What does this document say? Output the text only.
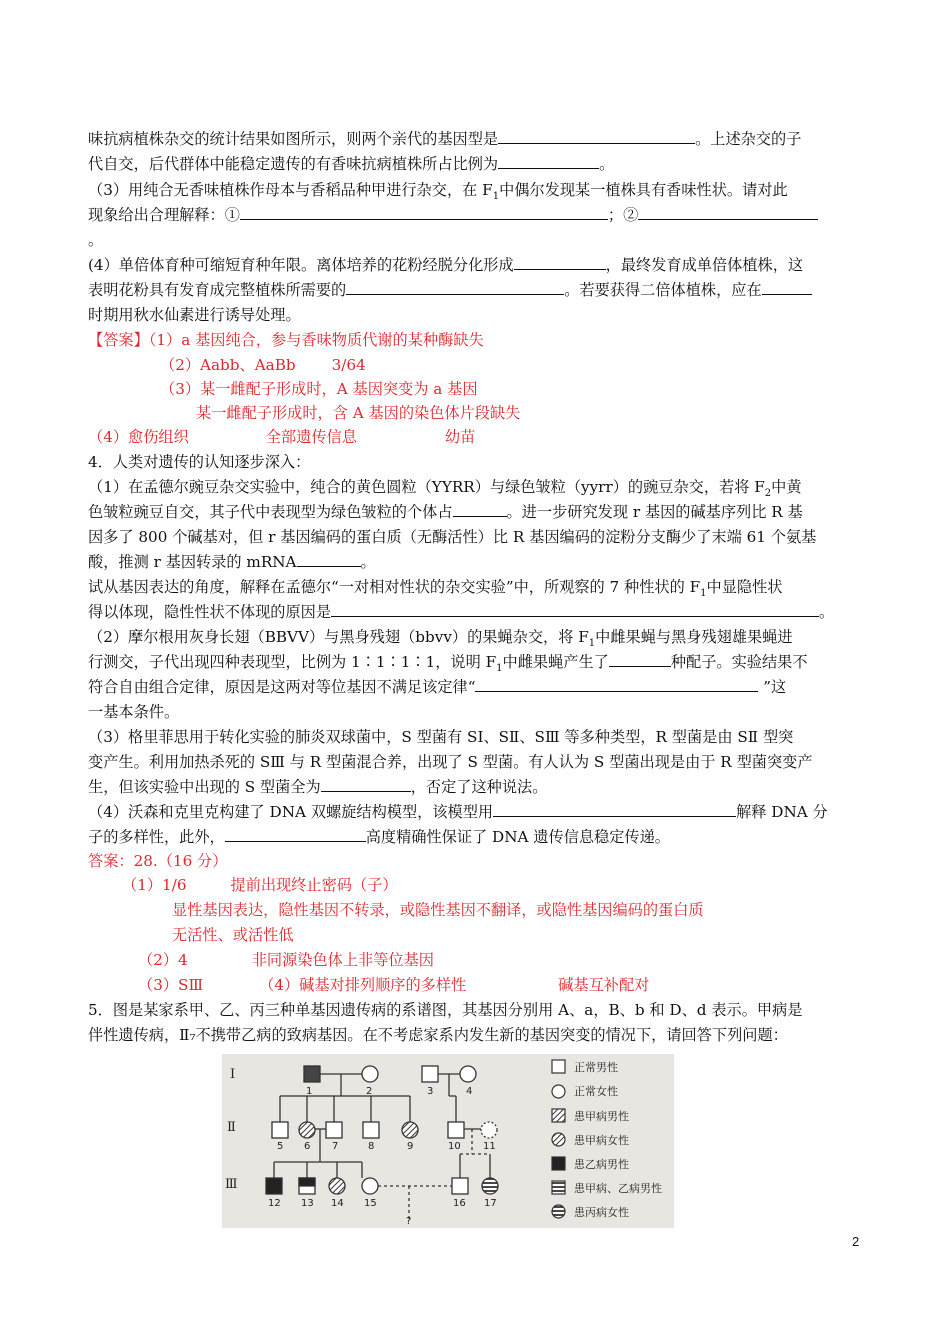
味抗病植株杂交的统计结果如图所示，则两个亲代的基因型是	。上述杂交的子
代自交，后代群体中能稳定遗传的有香味抗病植株所占比例为	。
（3）用纯合无香味植株作母本与香稻品种甲进行杂交，在 $F_1$中偶尔发现某一植株具有香味性状。请对此
现象给出合理解释：①	；②
。
(4）单倍体育种可缩短育种年限。离体培养的花粉经脱分化形成	，最终发育成单倍体植株，这
表明花粉具有发育成完整植株所需要的	。若要获得二倍体植株，应在
时期用秋水仙素进行诱导处理。
【答案】（1）a 基因纯合，参与香味物质代谢的某种酶缺失
（2）Aabb、AaBb 3/64
（3）某一雌配子形成时，A 基因突变为 a 基因
某一雌配子形成时，含 A 基因的染色体片段缺失
（4）愈伤组织	全部遗传信息	幼苗
4．人类对遗传的认知逐步深入：
（1）在孟德尔豌豆杂交实验中，纯合的黄色圆粒（YYRR）与绿色皱粒（yyrr）的豌豆杂交，若将 $F_2$中黄
色皱粒豌豆自交，其子代中表现型为绿色皱粒的个体占	。进一步研究发现 r 基因的碱基序列比 R 基
因多了 800 个碱基对，但 r 基因编码的蛋白质（无酶活性）比 R 基因编码的淀粉分支酶少了末端 61 个氨基
酸，推测 r 基因转录的 mRNA	。
试从基因表达的角度，解释在孟德尔“一对相对性状的杂交实验”中，所观察的 7 种性状的 $F_1$中显隐性状
得以体现，隐性性状不体现的原因是	。
（2）摩尔根用灰身长翅（BBVV）与黑身残翅（bbvv）的果蝇杂交，将 $F_1$中雌果蝇与黑身残翅雄果蝇进
行测交，子代出现四种表现型，比例为 1∶1∶1∶1，说明 $F_1$中雌果蝇产生了	种配子。实验结果不
符合自由组合定律，原因是这两对等位基因不满足该定律“	”这
一基本条件。
（3）格里菲思用于转化实验的肺炎双球菌中，S 型菌有 SⅠ、SⅡ、SⅢ 等多种类型，R 型菌是由 SⅡ 型突
变产生。利用加热杀死的 SⅢ 与 R 型菌混合养，出现了 S 型菌。有人认为 S 型菌出现是由于 R 型菌突变产
生，但该实验中出现的 S 型菌全为	，否定了这种说法。
（4）沃森和克里克构建了 DNA 双螺旋结构模型，该模型用	解释 DNA 分
子的多样性，此外，	高度精确性保证了 DNA 遗传信息稳定传递。
答案：28.（16 分）
（1）1/6	提前出现终止密码（子）
显性基因表达，隐性基因不转录，或隐性基因不翻译，或隐性基因编码的蛋白质
无活性、或活性低
（2）4	非同源染色体上非等位基因
（3）SⅢ	（4）碱基对排列顺序的多样性	碱基互补配对
5．图是某家系甲、乙、丙三种单基因遗传病的系谱图，其基因分别用 A、a，B、b 和 D、d 表示。甲病是
伴性遗传病，Ⅱ₇不携带乙病的致病基因。在不考虑家系内发生新的基因突变的情况下，请回答下列问题：
Ⅰ
Ⅱ
Ⅲ
?
1	2	3	4
5 6 7	8	9	10 11
12 13 14 15	16 17
正常男性
正常女性
患甲病男性
患甲病女性
患乙病男性
患甲病、乙病男性
患丙病女性
2
